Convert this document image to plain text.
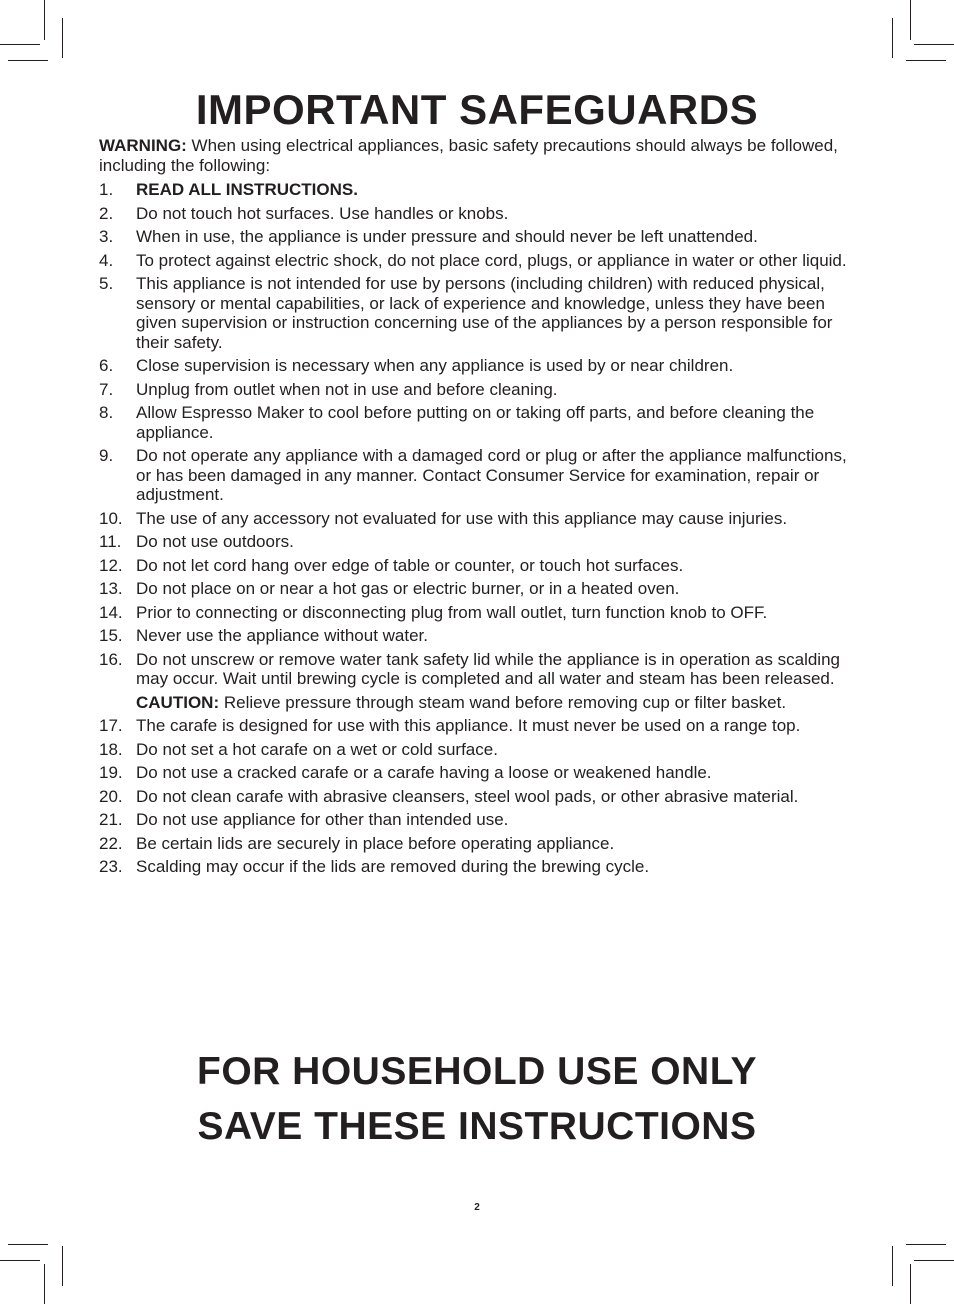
IMPORTANT SAFEGUARDS

WARNING: When using electrical appliances, basic safety precautions should always be followed, including the following:

1. READ ALL INSTRUCTIONS.
2. Do not touch hot surfaces. Use handles or knobs.
3. When in use, the appliance is under pressure and should never be left unattended.
4. To protect against electric shock, do not place cord, plugs, or appliance in water or other liquid.
5. This appliance is not intended for use by persons (including children) with reduced physical, sensory or mental capabilities, or lack of experience and knowledge, unless they have been given supervision or instruction concerning use of the appliances by a person responsible for their safety.
6. Close supervision is necessary when any appliance is used by or near children.
7. Unplug from outlet when not in use and before cleaning.
8. Allow Espresso Maker to cool before putting on or taking off parts, and before cleaning the appliance.
9. Do not operate any appliance with a damaged cord or plug or after the appliance malfunctions, or has been damaged in any manner. Contact Consumer Service for examination, repair or adjustment.
10. The use of any accessory not evaluated for use with this appliance may cause injuries.
11. Do not use outdoors.
12. Do not let cord hang over edge of table or counter, or touch hot surfaces.
13. Do not place on or near a hot gas or electric burner, or in a heated oven.
14. Prior to connecting or disconnecting plug from wall outlet, turn function knob to OFF.
15. Never use the appliance without water.
16. Do not unscrew or remove water tank safety lid while the appliance is in operation as scalding may occur. Wait until brewing cycle is completed and all water and steam has been released.
CAUTION: Relieve pressure through steam wand before removing cup or filter basket.
17. The carafe is designed for use with this appliance. It must never be used on a range top.
18. Do not set a hot carafe on a wet or cold surface.
19. Do not use a cracked carafe or a carafe having a loose or weakened handle.
20. Do not clean carafe with abrasive cleansers, steel wool pads, or other abrasive material.
21. Do not use appliance for other than intended use.
22. Be certain lids are securely in place before operating appliance.
23. Scalding may occur if the lids are removed during the brewing cycle.
FOR HOUSEHOLD USE ONLY
SAVE THESE INSTRUCTIONS
2
